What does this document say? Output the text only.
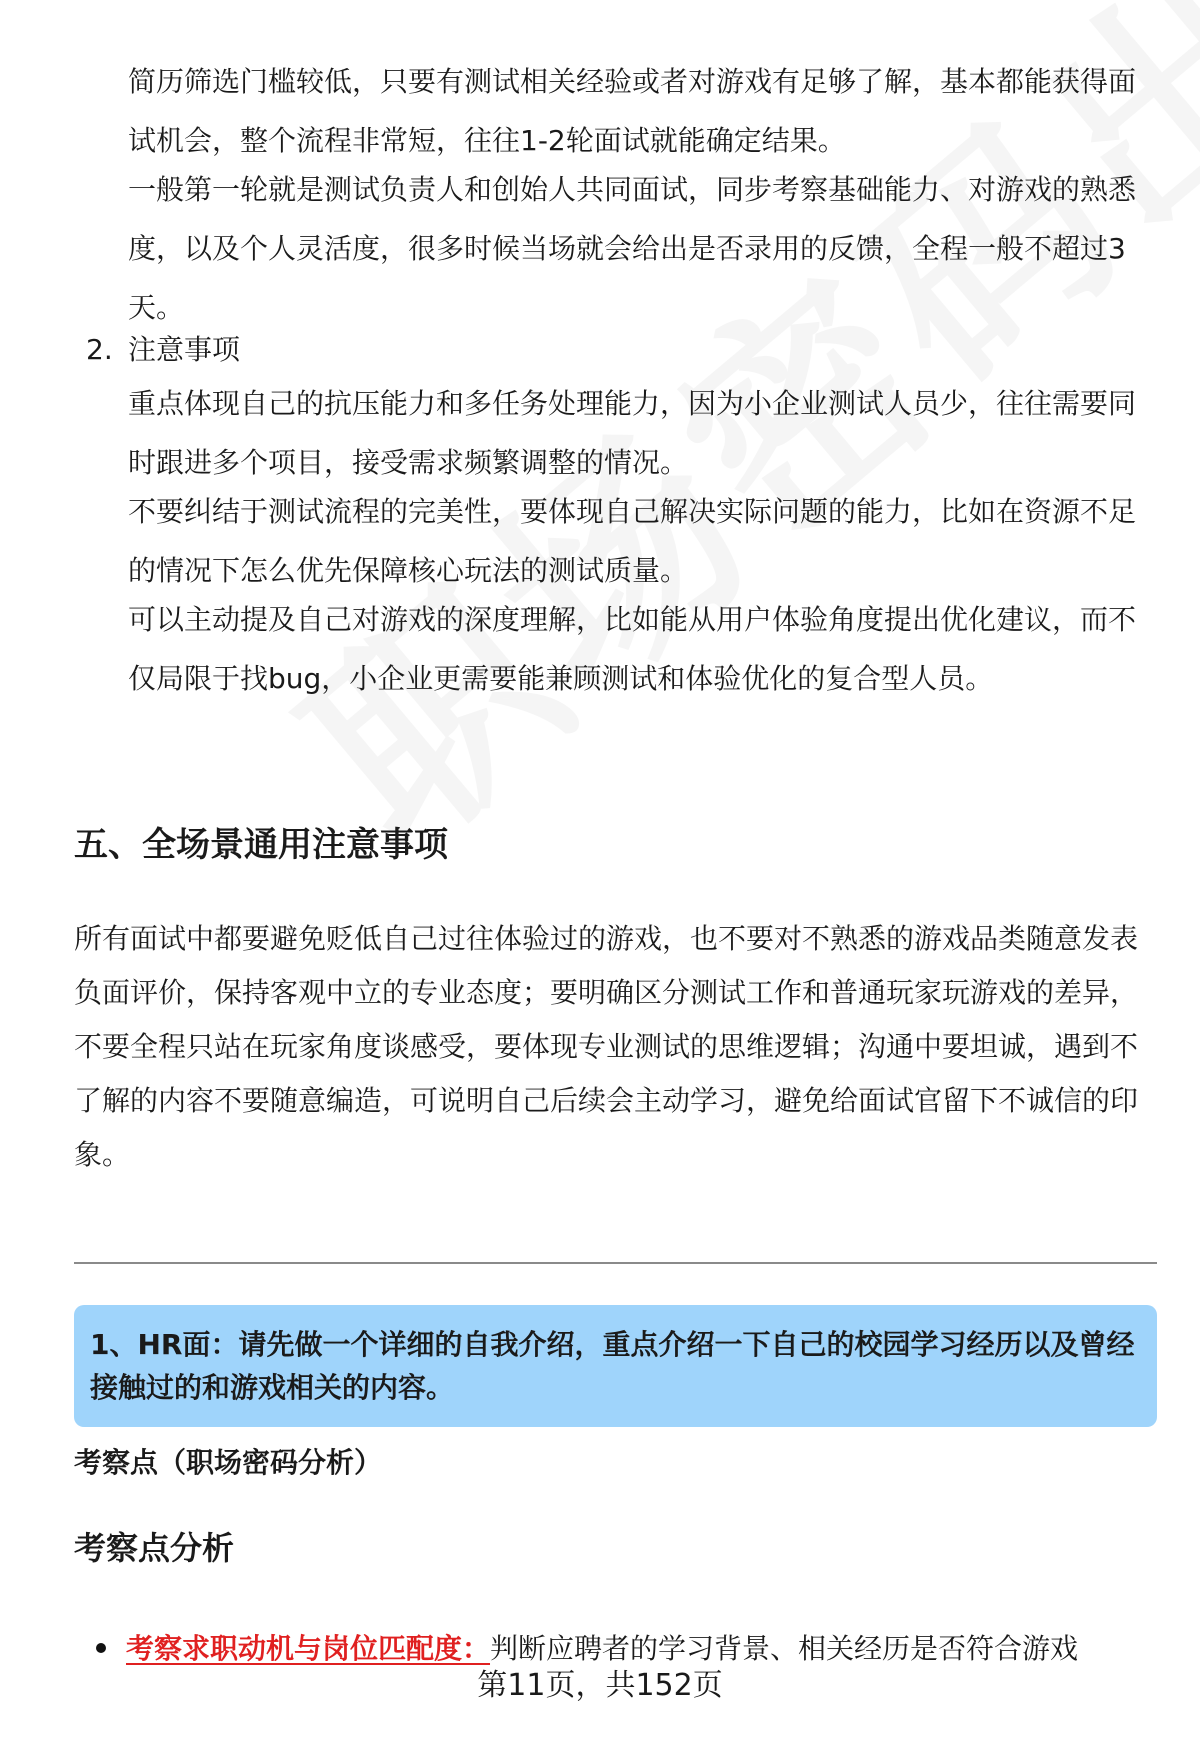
简历筛选门槛较低，只要有测试相关经验或者对游戏有足够了解，基本都能获得面试机会，整个流程非常短，往往1-2轮面试就能确定结果。

一般第一轮就是测试负责人和创始人共同面试，同步考察基础能力、对游戏的熟悉度，以及个人灵活度，很多时候当场就会给出是否录用的反馈，全程一般不超过3天。

2. 注意事项

重点体现自己的抗压能力和多任务处理能力，因为小企业测试人员少，往往需要同时跟进多个项目，接受需求频繁调整的情况。

不要纠结于测试流程的完美性，要体现自己解决实际问题的能力，比如在资源不足的情况下怎么优先保障核心玩法的测试质量。

可以主动提及自己对游戏的深度理解，比如能从用户体验角度提出优化建议，而不仅局限于找bug，小企业更需要能兼顾测试和体验优化的复合型人员。

五、全场景通用注意事项

所有面试中都要避免贬低自己过往体验过的游戏，也不要对不熟悉的游戏品类随意发表负面评价，保持客观中立的专业态度；要明确区分测试工作和普通玩家玩游戏的差异，不要全程只站在玩家角度谈感受，要体现专业测试的思维逻辑；沟通中要坦诚，遇到不了解的内容不要随意编造，可说明自己后续会主动学习，避免给面试官留下不诚信的印象。

1、HR面：请先做一个详细的自我介绍，重点介绍一下自己的校园学习经历以及曾经接触过的和游戏相关的内容。

考察点（职场密码分析）

考察点分析
考察求职动机与岗位匹配度：判断应聘者的学习背景、相关经历是否符合游戏
第11页，共152页
